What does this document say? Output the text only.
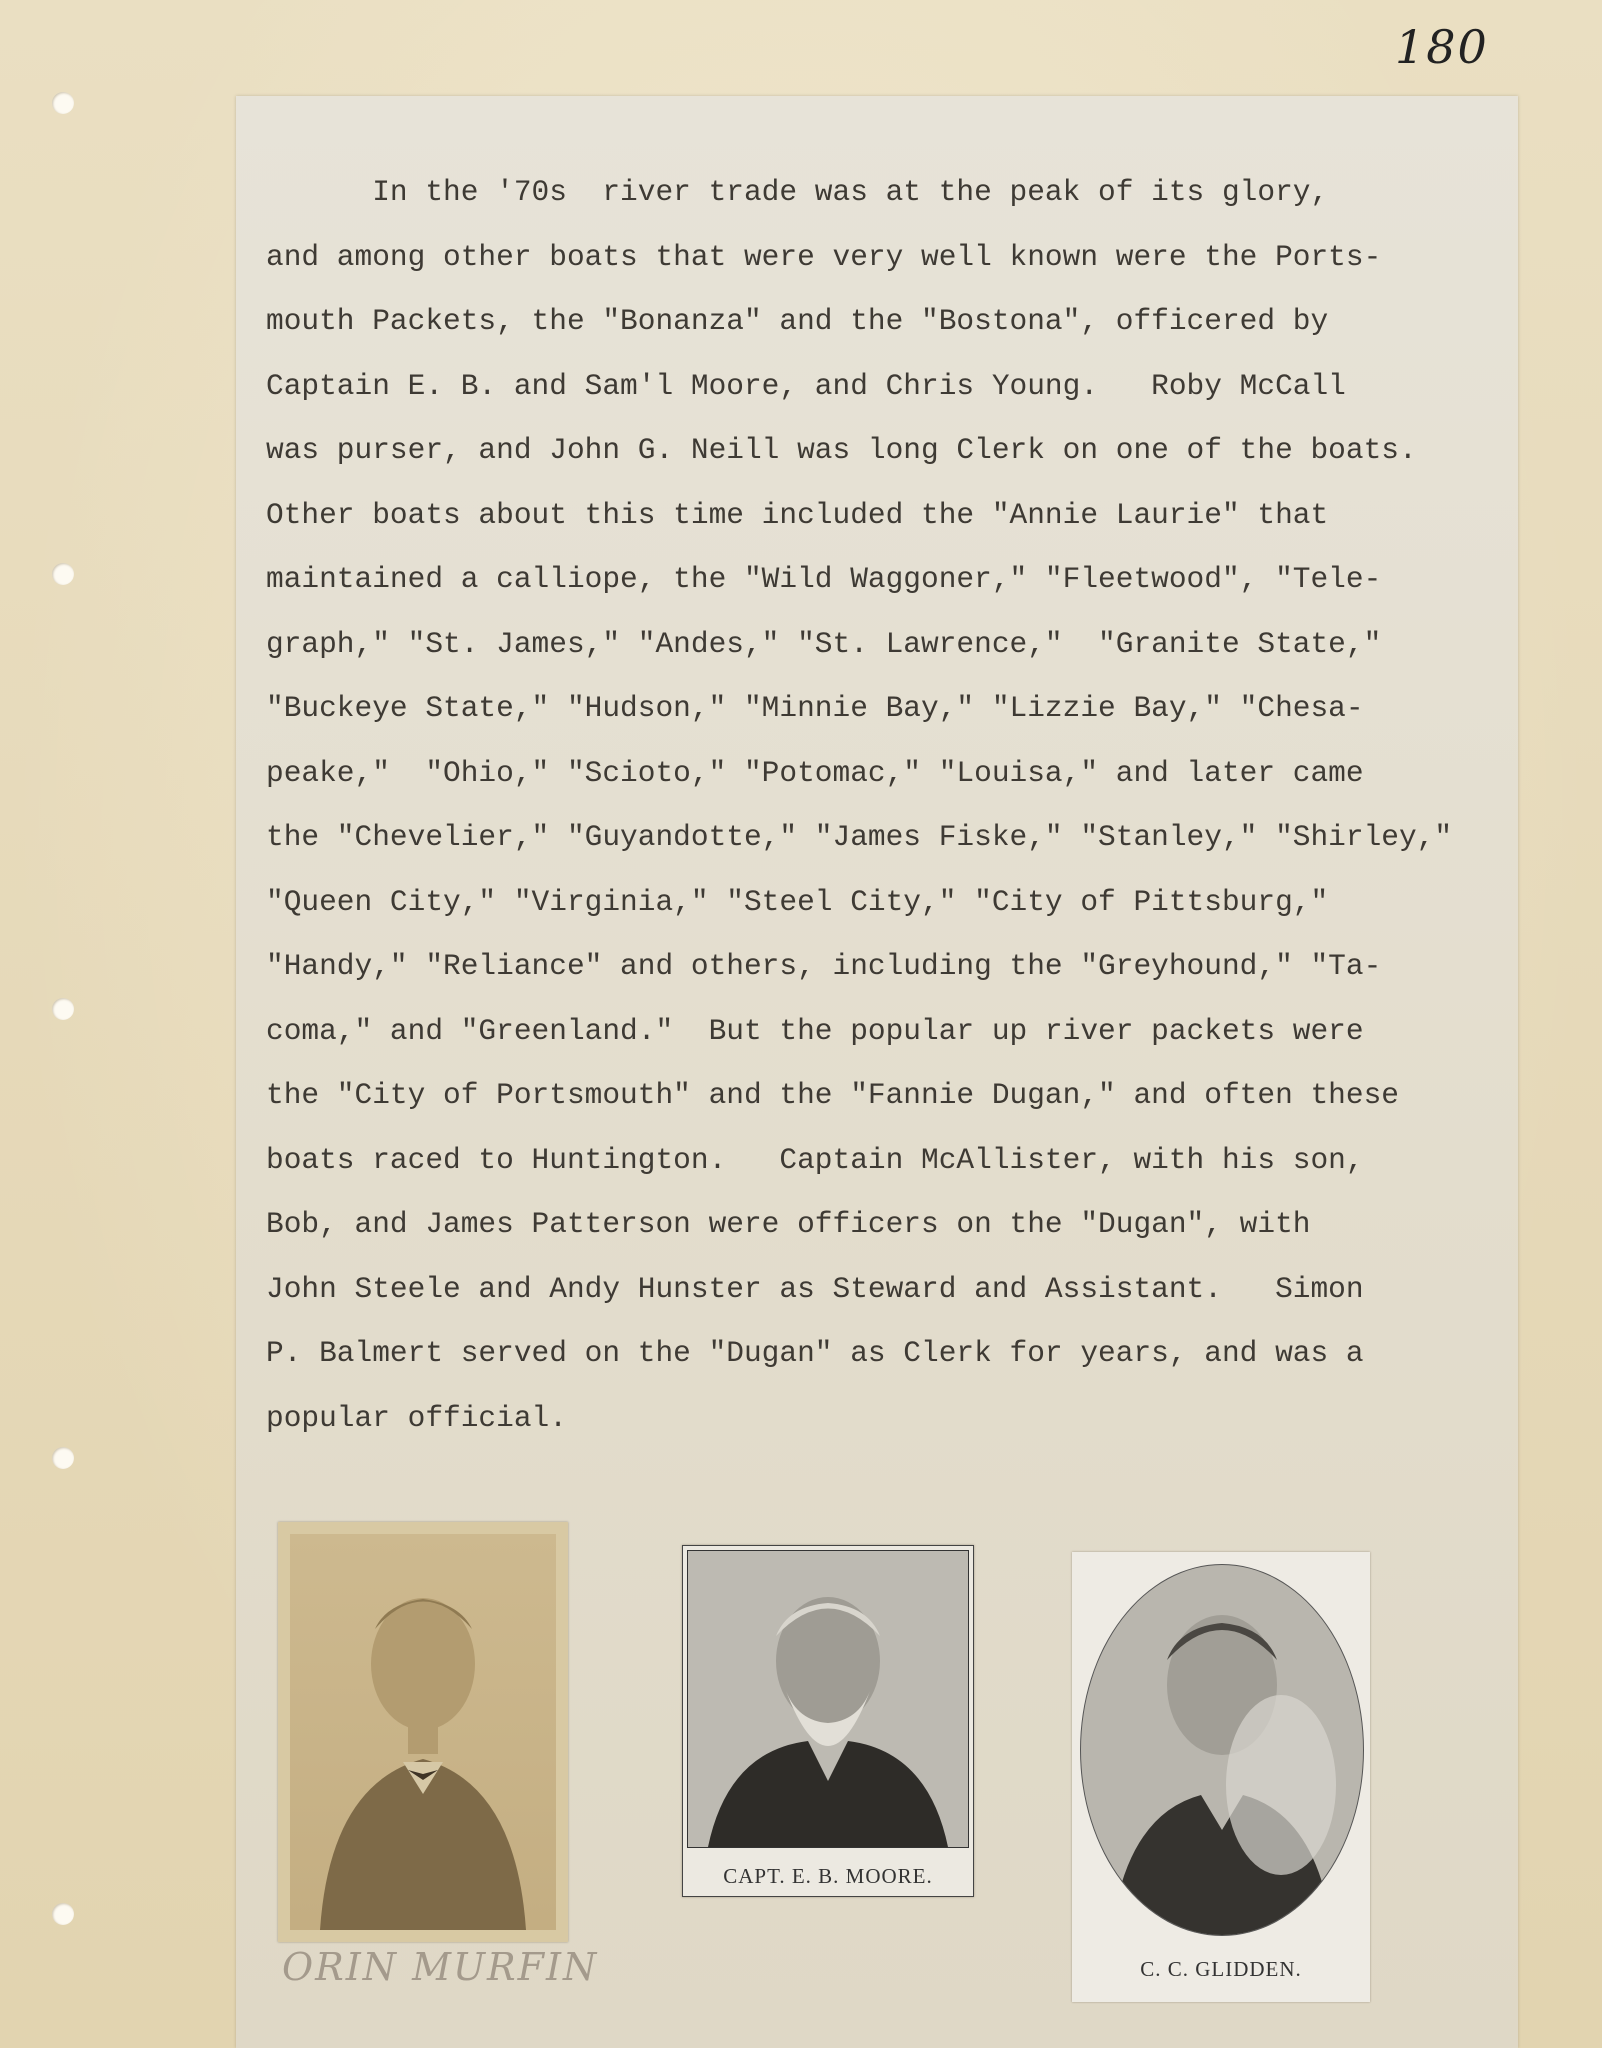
180
In the '70s  river trade was at the peak of its glory,
and among other boats that were very well known were the Ports-
mouth Packets, the "Bonanza" and the "Bostona", officered by
Captain E. B. and Sam'l Moore, and Chris Young.   Roby McCall
was purser, and John G. Neill was long Clerk on one of the boats.
Other boats about this time included the "Annie Laurie" that
maintained a calliope, the "Wild Waggoner," "Fleetwood", "Tele-
graph," "St. James," "Andes," "St. Lawrence,"  "Granite State,"
"Buckeye State," "Hudson," "Minnie Bay," "Lizzie Bay," "Chesa-
peake,"  "Ohio," "Scioto," "Potomac," "Louisa," and later came
the "Chevelier," "Guyandotte," "James Fiske," "Stanley," "Shirley,"
"Queen City," "Virginia," "Steel City," "City of Pittsburg,"
"Handy," "Reliance" and others, including the "Greyhound," "Ta-
coma," and "Greenland."  But the popular up river packets were
the "City of Portsmouth" and the "Fannie Dugan," and often these
boats raced to Huntington.   Captain McAllister, with his son,
Bob, and James Patterson were officers on the "Dugan", with
John Steele and Andy Hunster as Steward and Assistant.   Simon
P. Balmert served on the "Dugan" as Clerk for years, and was a
popular official.
CAPT. E. B. MOORE.
C. C. GLIDDEN.
ORIN MURFIN
